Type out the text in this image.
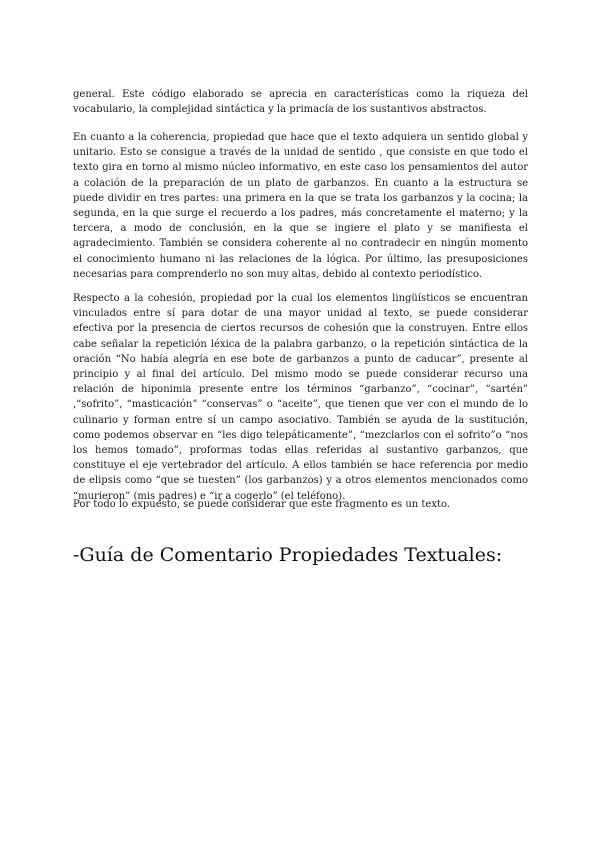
general. Este código elaborado se aprecia en características como la riqueza del vocabulario, la complejidad sintáctica y la primacía de los sustantivos abstractos.

En cuanto a la coherencia, propiedad que hace que el texto adquiera un sentido global y unitario. Esto se consigue a través de la unidad de sentido , que consiste en que todo el texto gira en torno al mismo núcleo informativo, en este caso los pensamientos del autor a colación de la preparación de un plato de garbanzos. En cuanto a la estructura se puede dividir en tres partes: una primera en la que se trata los garbanzos y la cocina; la segunda, en la que surge el recuerdo a los padres, más concretamente el materno; y la tercera, a modo de conclusión, en la que se ingiere el plato y se manifiesta el agradecimiento. También se considera coherente al no contradecir en ningún momento el conocimiento humano ni las relaciones de la lógica. Por último, las presuposiciones necesarias para comprenderlo no son muy altas, debido al contexto periodístico.

Respecto a la cohesión, propiedad por la cual los elementos lingüísticos se encuentran vinculados entre sí para dotar de una mayor unidad al texto, se puede considerar efectiva por la presencia de ciertos recursos de cohesión que la construyen. Entre ellos cabe señalar la repetición léxica de la palabra garbanzo, o la repetición sintáctica de la oración “No había alegría en ese bote de garbanzos a punto de caducar”, presente al principio y al final del artículo. Del mismo modo se puede considerar recurso una relación de hiponimia presente entre los términos “garbanzo”, “cocinar”, “sartén” ,“sofrito”, “masticación” “conservas” o “aceite”, que tienen que ver con el mundo de lo culinario y forman entre sí un campo asociativo. También se ayuda de la sustitución, como podemos observar en “les digo telepáticamente”, “mezclarlos con el sofrito”o “nos los hemos tomado”, proformas todas ellas referidas al sustantivo garbanzos, que constituye el eje vertebrador del artículo. A ellos también se hace referencia por medio de elipsis como “que se tuesten” (los garbanzos) y a otros elementos mencionados como “murieron” (mis padres) e “ir a cogerlo” (el teléfono).

Por todo lo expuesto, se puede considerar que este fragmento es un texto.

-Guía de Comentario Propiedades Textuales:
